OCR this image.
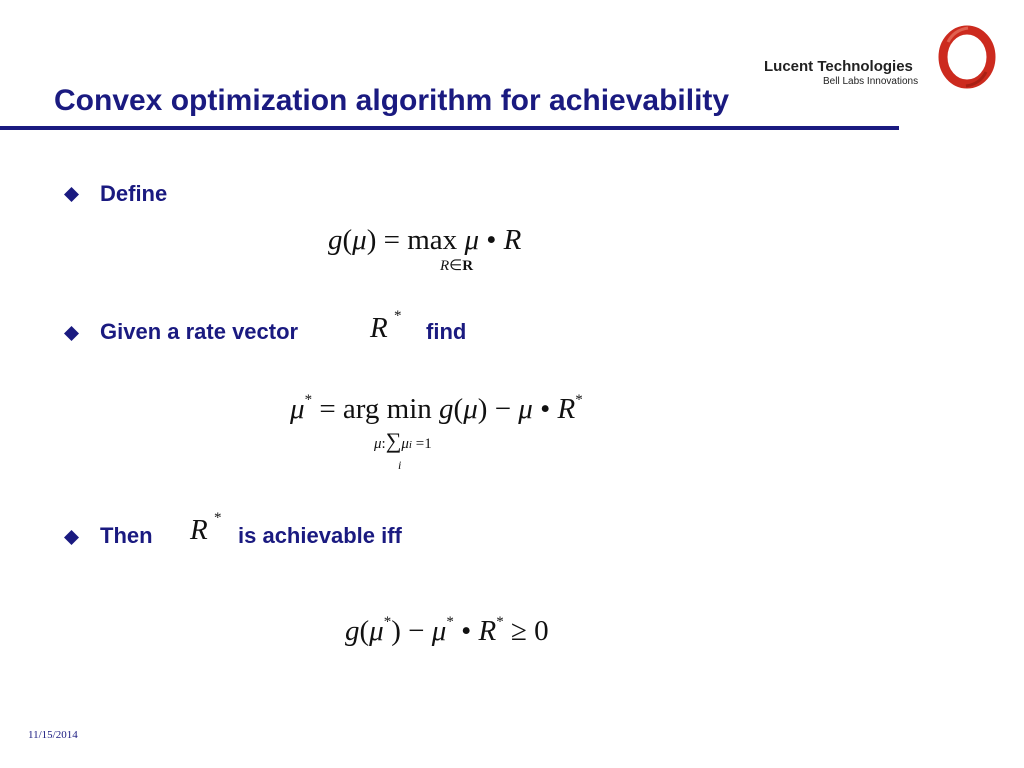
Convex optimization algorithm for achievability
Lucent Technologies
Bell Labs Innovations
Define
g(μ) = max μ • R
R∈R
Given a rate vector R *
find
μ* = arg min g(μ) − μ • R*
μ:∑μi =1
i
Then R *
is achievable iff
g(μ*) − μ* • R* ≥ 0
11/15/2014
